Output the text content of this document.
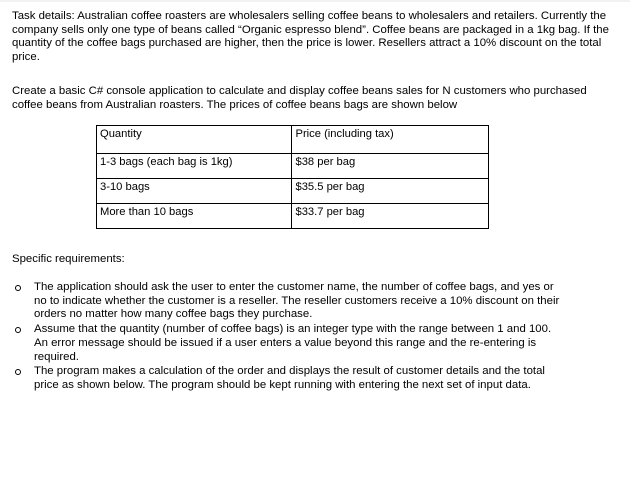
Task details: Australian coffee roasters are wholesalers selling coffee beans to wholesalers and retailers. Currently the company sells only one type of beans called “Organic espresso blend”. Coffee beans are packaged in a 1kg bag. If the quantity of the coffee bags purchased are higher, then the price is lower. Resellers attract a 10% discount on the total price.

Create a basic C# console application to calculate and display coffee beans sales for N customers who purchased coffee beans from Australian roasters. The prices of coffee beans bags are shown below

Quantity	Price (including tax)
1-3 bags (each bag is 1kg)	$38 per bag
3-10 bags	$35.5 per bag
More than 10 bags	$33.7 per bag

Specific requirements:

The application should ask the user to enter the customer name, the number of coffee bags, and yes or no to indicate whether the customer is a reseller. The reseller customers receive a 10% discount on their orders no matter how many coffee bags they purchase.
Assume that the quantity (number of coffee bags) is an integer type with the range between 1 and 100. An error message should be issued if a user enters a value beyond this range and the re-entering is required.
The program makes a calculation of the order and displays the result of customer details and the total price as shown below. The program should be kept running with entering the next set of input data.
